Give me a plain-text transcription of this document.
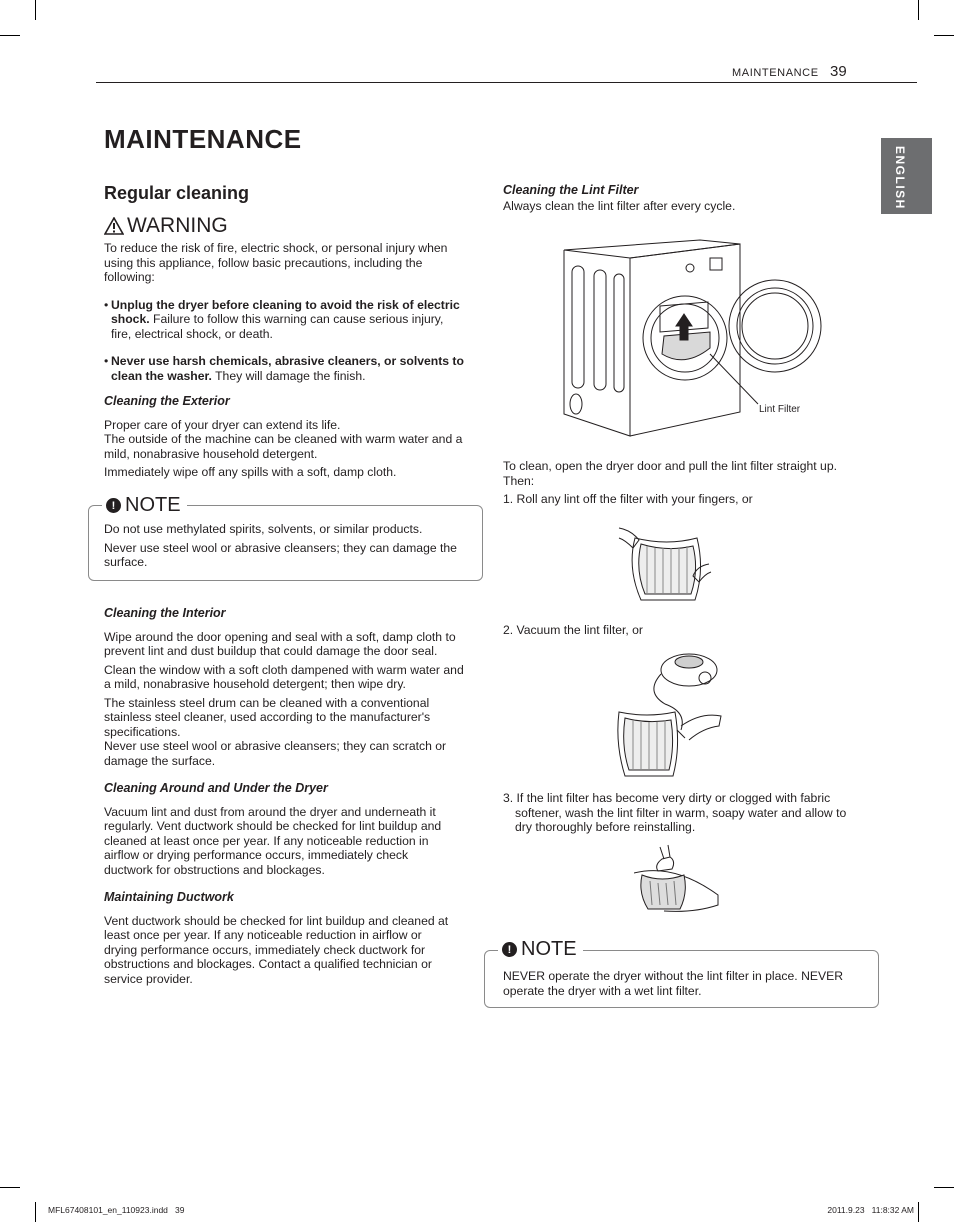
MAINTENANCE 39
ENGLISH
MAINTENANCE
Regular cleaning
WARNING

To reduce the risk of fire, electric shock, or personal injury when using this appliance, follow basic precautions, including the following:

• Unplug the dryer before cleaning to avoid the risk of electric shock. Failure to follow this warning can cause serious injury, fire, electrical shock, or death.
• Never use harsh chemicals, abrasive cleaners, or solvents to clean the washer. They will damage the finish.

Cleaning the Exterior

Proper care of your dryer can extend its life.

The outside of the machine can be cleaned with warm water and a mild, nonabrasive household detergent.

Immediately wipe off any spills with a soft, damp cloth.

! NOTE

Do not use methylated spirits, solvents, or similar products.

Never use steel wool or abrasive cleansers; they can damage the surface.

Cleaning the Interior

Wipe around the door opening and seal with a soft, damp cloth to prevent lint and dust buildup that could damage the door seal.

Clean the window with a soft cloth dampened with warm water and a mild, nonabrasive household detergent; then wipe dry.

The stainless steel drum can be cleaned with a conventional stainless steel cleaner, used according to the manufacturer's specifications.

Never use steel wool or abrasive cleansers; they can scratch or damage the surface.

Cleaning Around and Under the Dryer

Vacuum lint and dust from around the dryer and underneath it regularly. Vent ductwork should be checked for lint buildup and cleaned at least once per year. If any noticeable reduction in airflow or drying performance occurs, immediately check ductwork for obstructions and blockages.

Maintaining Ductwork

Vent ductwork should be checked for lint buildup and cleaned at least once per year. If any noticeable reduction in airflow or drying performance occurs, immediately check ductwork for obstructions and blockages. Contact a qualified technician or service provider.

Cleaning the Lint Filter

Always clean the lint filter after every cycle.

Lint Filter

To clean, open the dryer door and pull the lint filter straight up. Then:

1. Roll any lint off the filter with your fingers, or

2. Vacuum the lint filter, or

3. If the lint filter has become very dirty or clogged with fabric softener, wash the lint filter in warm, soapy water and allow to dry thoroughly before reinstalling.
! NOTE

NEVER operate the dryer without the lint filter in place. NEVER operate the dryer with a wet lint filter.

MFL67408101_en_110923.indd   39	2011.9.23   11:8:32 AM
